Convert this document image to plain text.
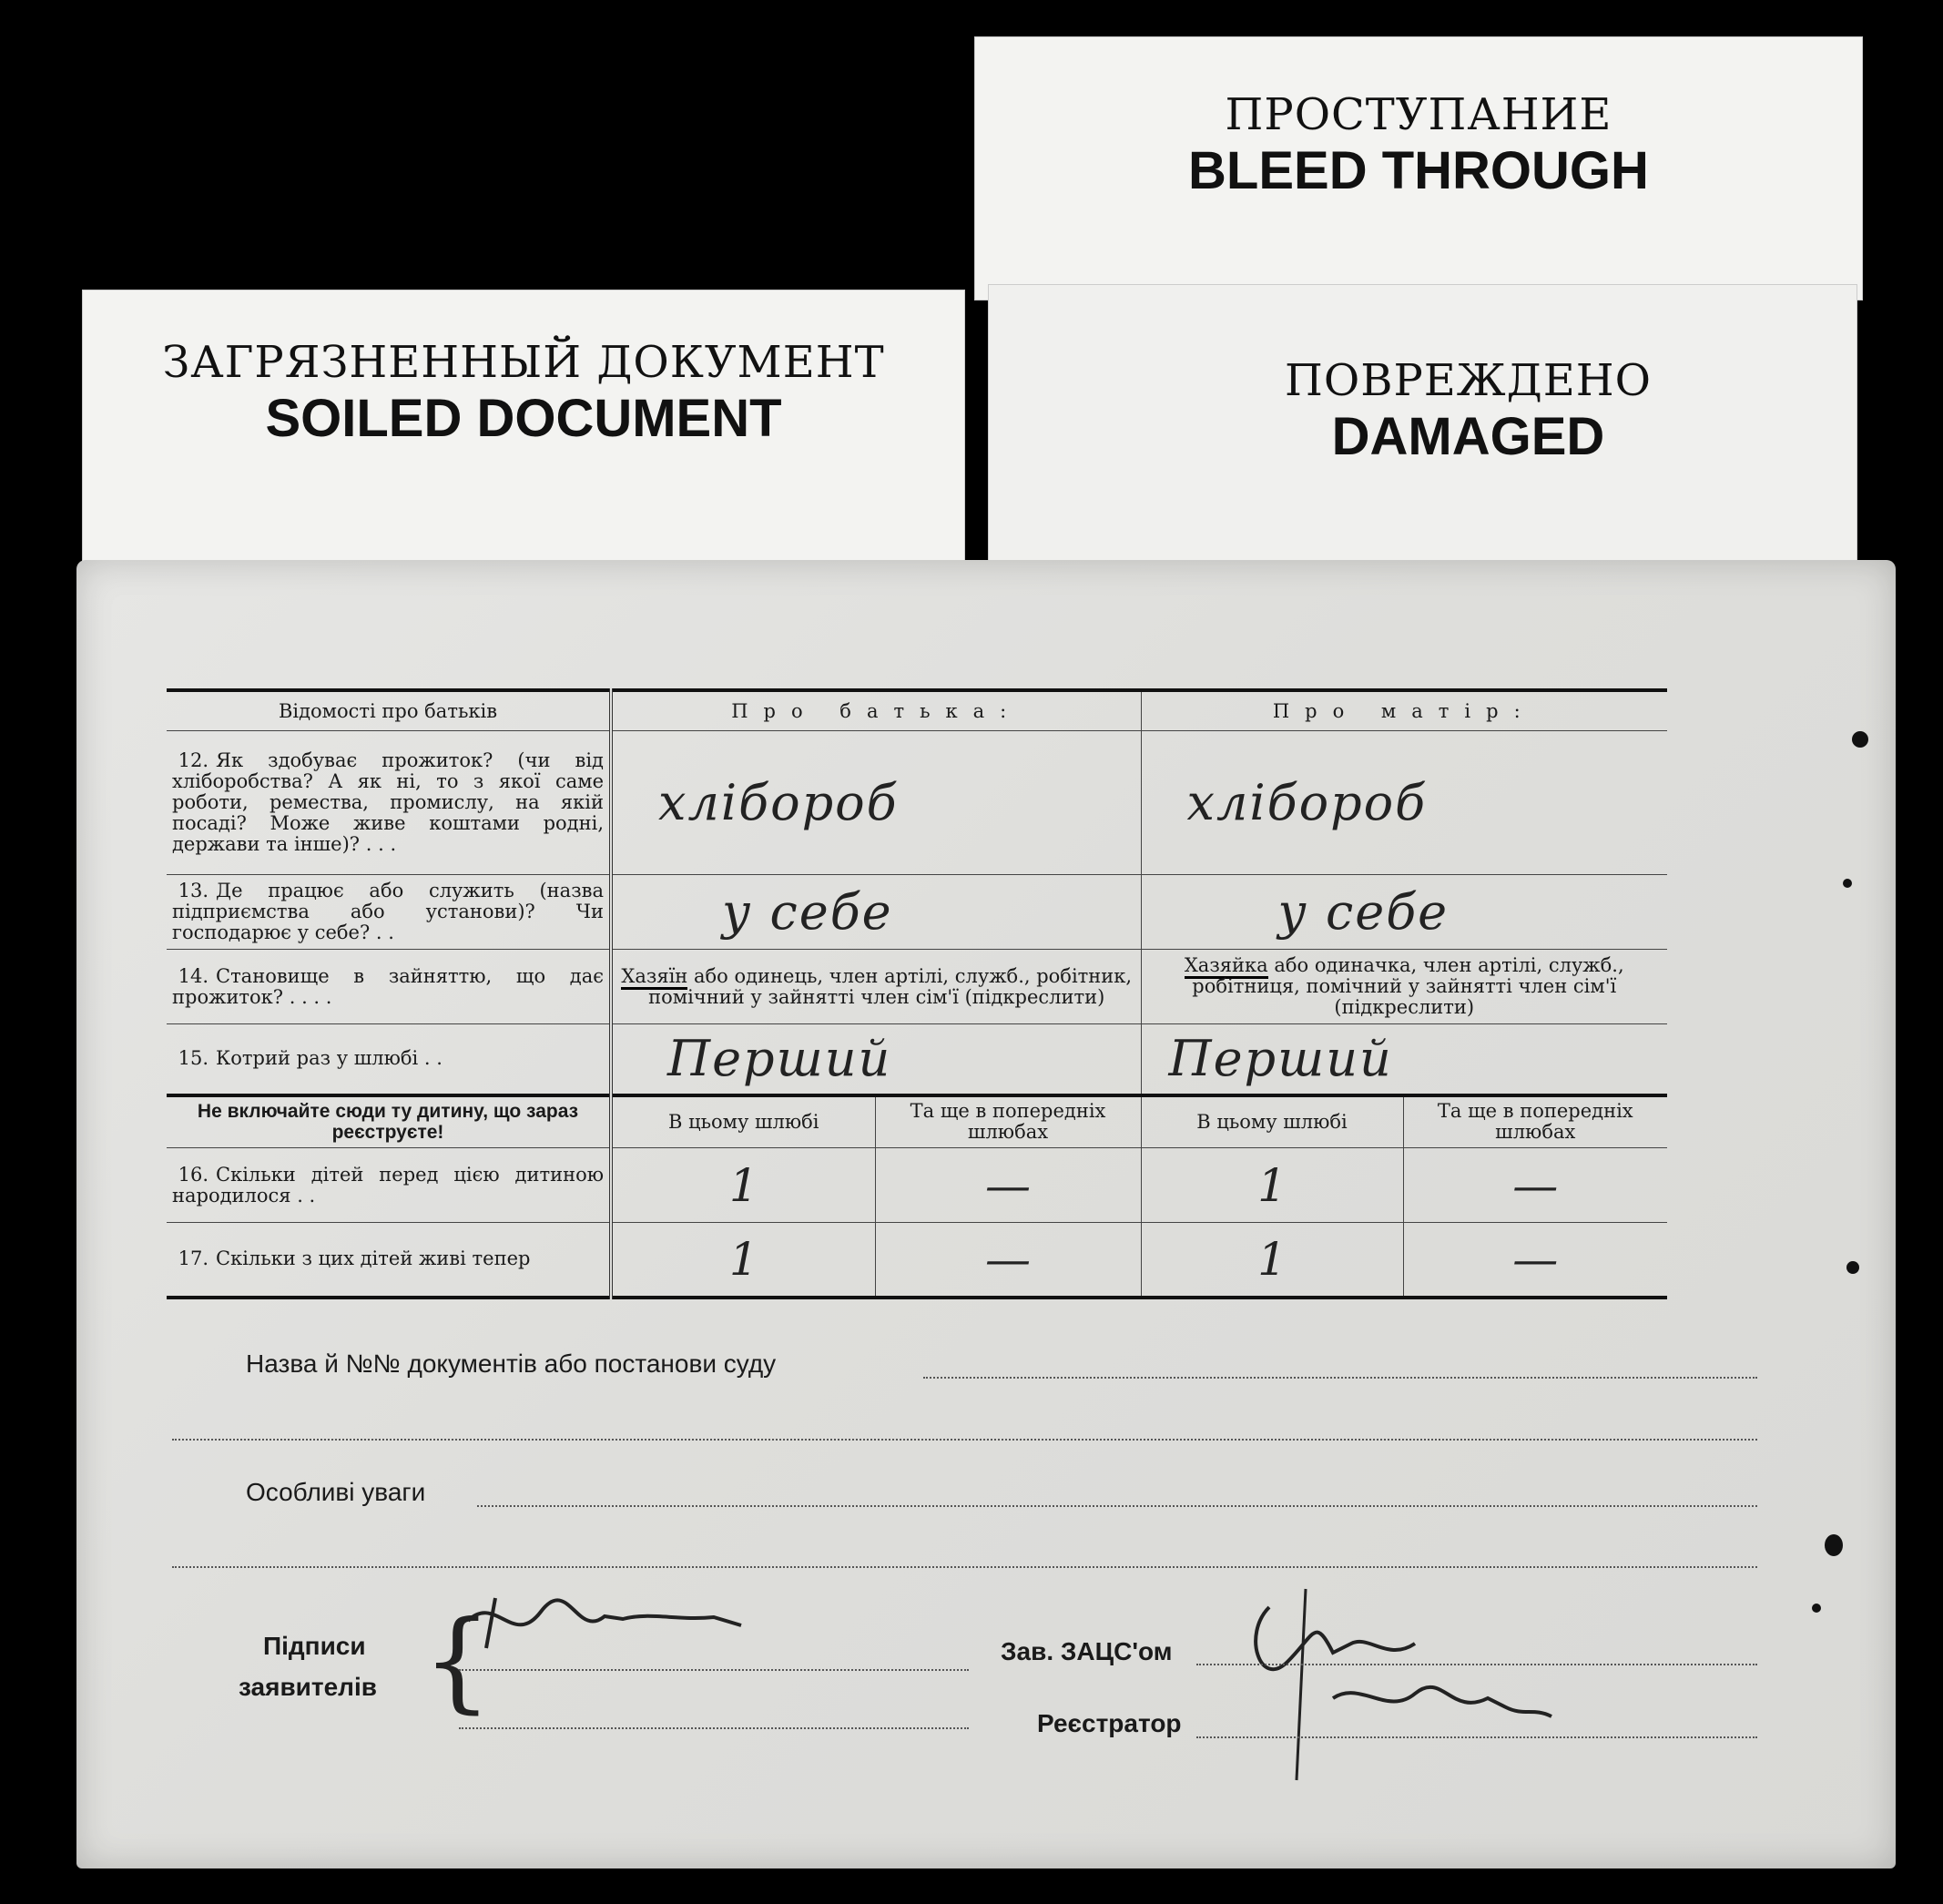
ПРОСТУПАНИЕ
BLEED THROUGH
ПОВРЕЖДЕНО
DAMAGED
ЗАГРЯЗНЕННЫЙ ДОКУМЕНТ
SOILED DOCUMENT
Відомості про батьків	Про батька:		Про матір:	
12. Як здобуває прожиток? (чи від хліборобства? А як ні, то з якої саме роботи, ремества, промислу, на якій посаді? Може живе коштами родні, держави та інше)? . . .	хлібороб		хлібороб	
13. Де працює або служить (назва підприємства або установи)? Чи господарює у себе? . .	у себе		у себе	
14. Становище в зайняттю, що дає прожиток? . . . .	Хазяїн або одинець, член артілі, служб., робітник, помічний у зайнятті член сім'ї (підкреслити)		Хазяйка або одиначка, член артілі, служб., робітниця, помічний у зайнятті член сім'ї (підкреслити)	
15. Котрий раз у шлюбі . .	Перший		Перший	
Не включайте сюди ту дитину, що зараз реєструєте!	В цьому шлюбі	Та ще в попередніх шлюбах	В цьому шлюбі	Та ще в попередніх шлюбах
16. Скільки дітей перед цією дитиною народилося . .	1	—	1	—
17. Скільки з цих дітей живі тепер	1	—	1	—
Назва й №№ документів або постанови суду
Особливі уваги
Підписи
заявителів {	Зав. ЗАЦС'ом
Реєстратор
